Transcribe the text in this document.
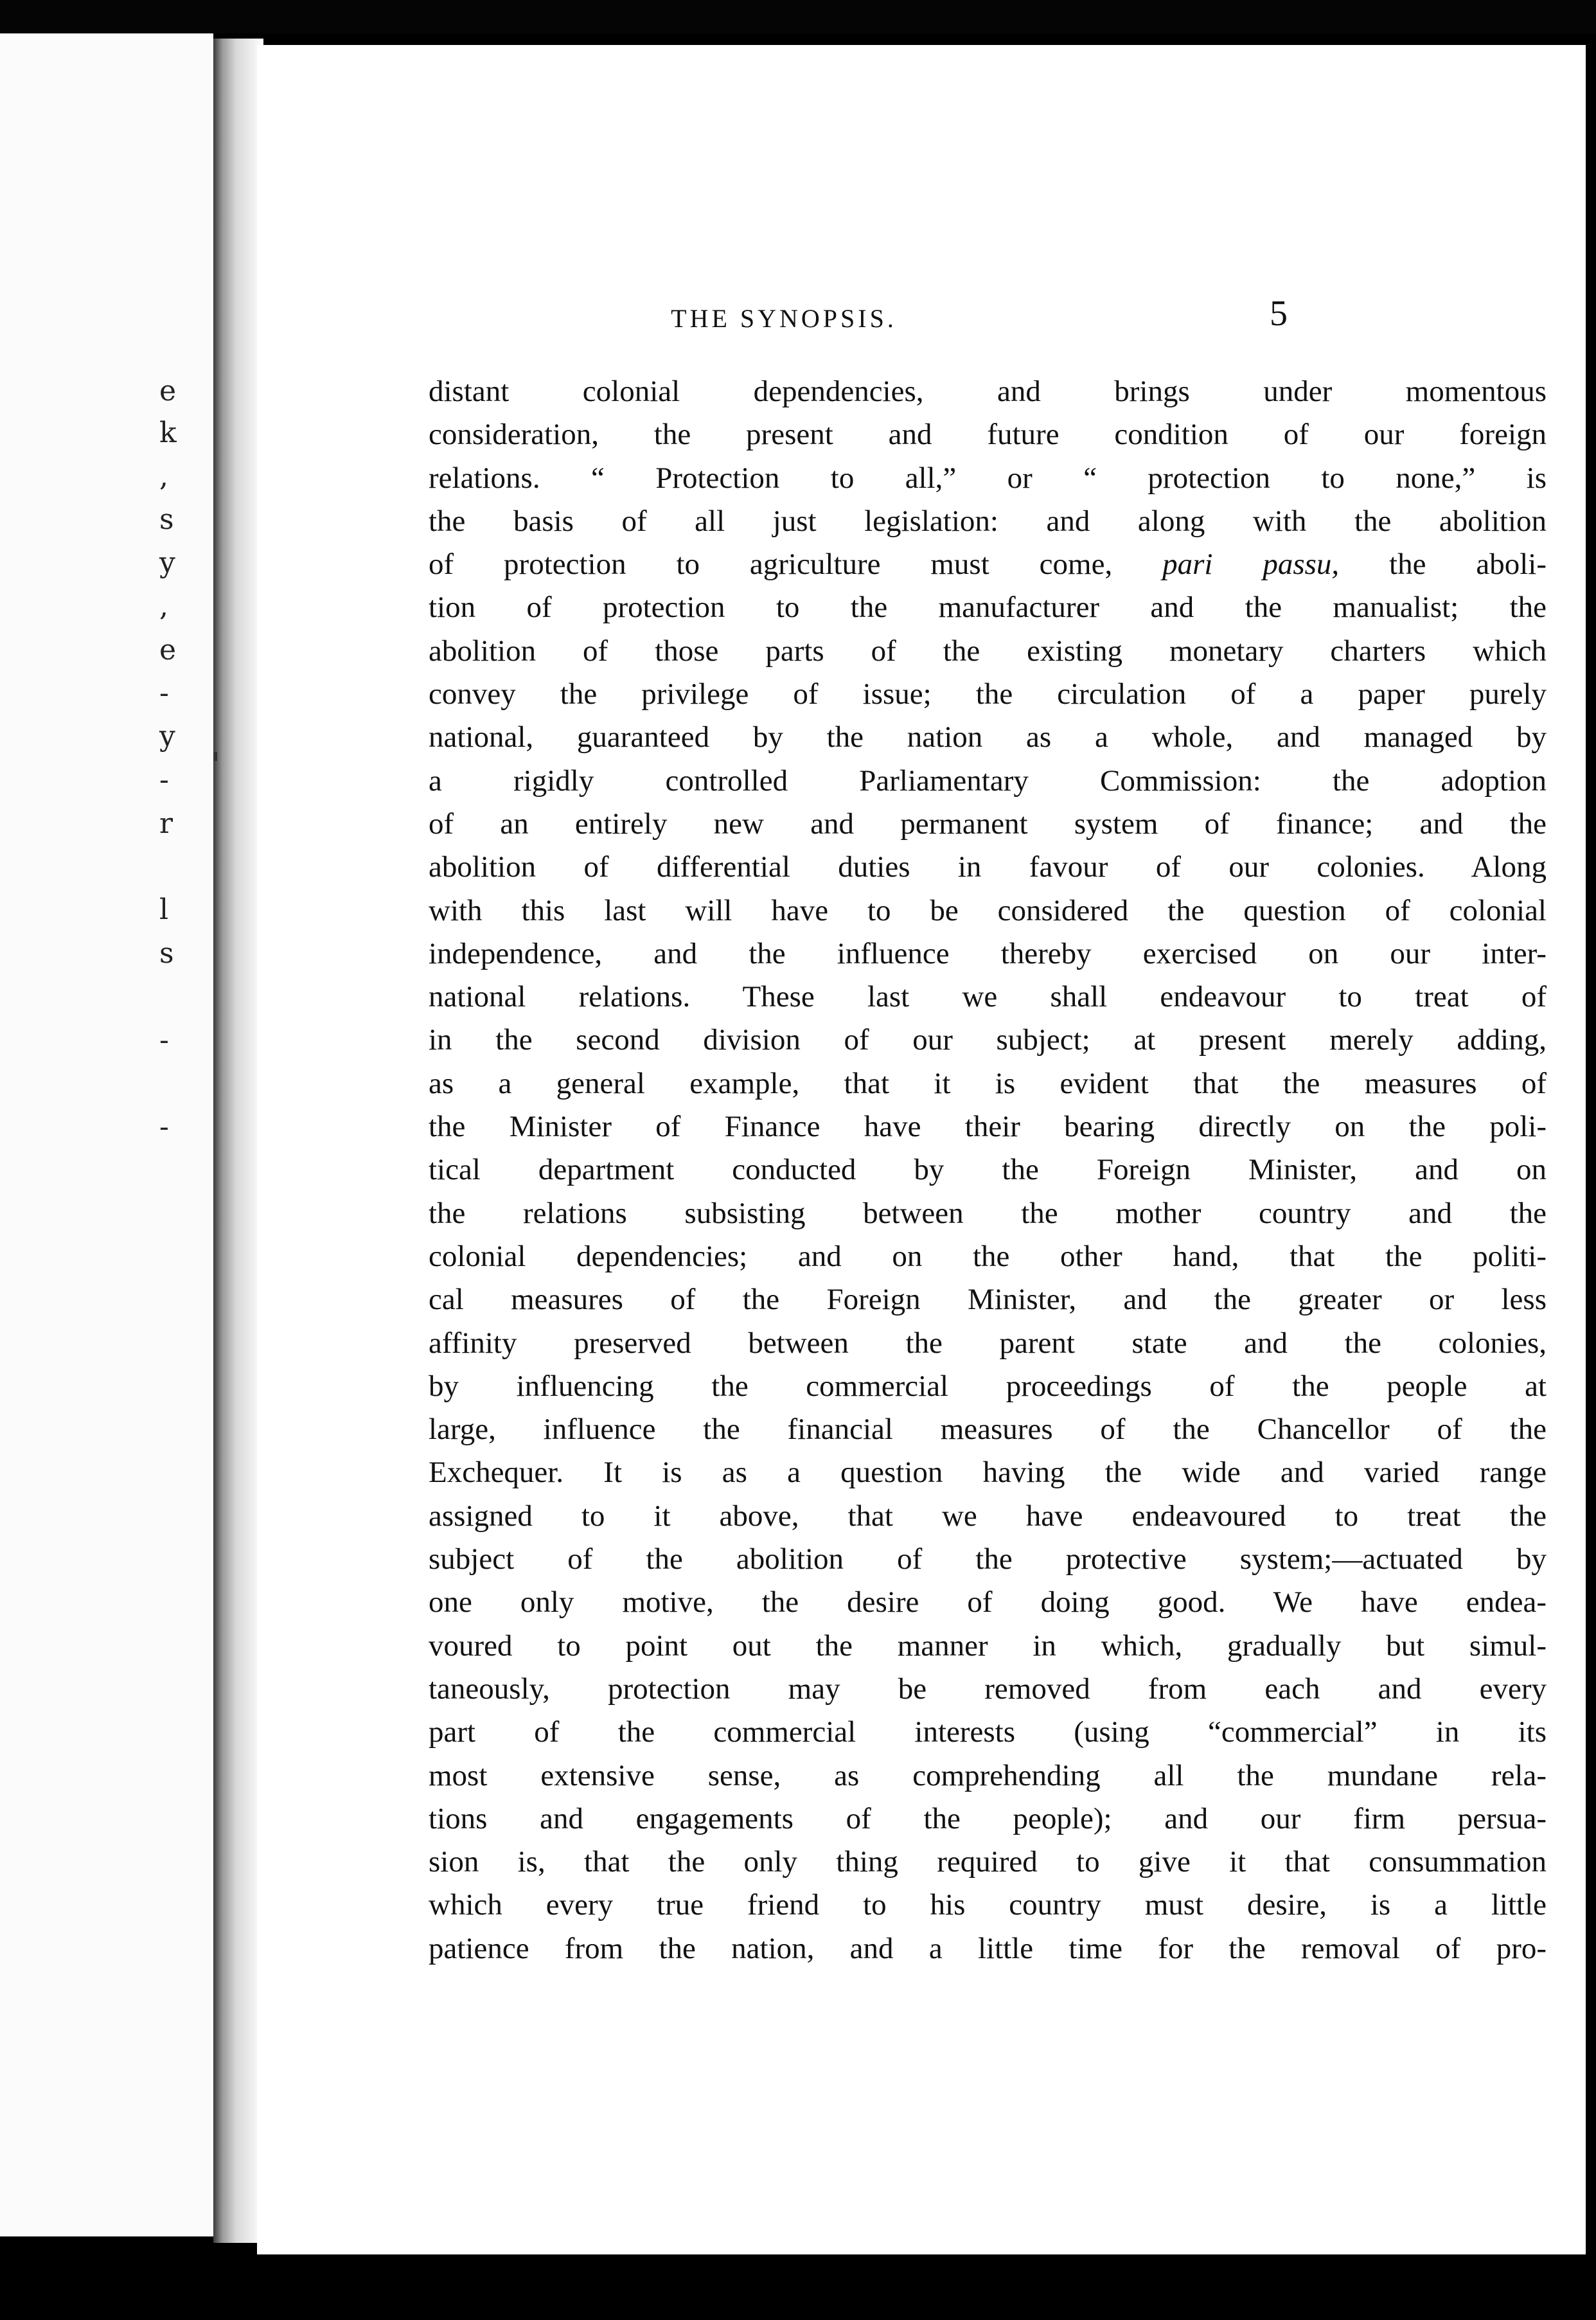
e
k
,
s
y
,
e
-
y
-
r
l
s
-
-
THE SYNOPSIS.	5
distant colonial dependencies, and brings under momentous
consideration, the present and future condition of our foreign
relations. “ Protection to all,” or “ protection to none,” is
the basis of all just legislation: and along with the abolition
of protection to agriculture must come, pari passu, the aboli-
tion of protection to the manufacturer and the manualist; the
abolition of those parts of the existing monetary charters which
convey the privilege of issue; the circulation of a paper purely
national, guaranteed by the nation as a whole, and managed by
a rigidly controlled Parliamentary Commission: the adoption
of an entirely new and permanent system of finance; and the
abolition of differential duties in favour of our colonies. Along
with this last will have to be considered the question of colonial
independence, and the influence thereby exercised on our inter-
national relations. These last we shall endeavour to treat of
in the second division of our subject; at present merely adding,
as a general example, that it is evident that the measures of
the Minister of Finance have their bearing directly on the poli-
tical department conducted by the Foreign Minister, and on
the relations subsisting between the mother country and the
colonial dependencies; and on the other hand, that the politi-
cal measures of the Foreign Minister, and the greater or less
affinity preserved between the parent state and the colonies,
by influencing the commercial proceedings of the people at
large, influence the financial measures of the Chancellor of the
Exchequer. It is as a question having the wide and varied range
assigned to it above, that we have endeavoured to treat the
subject of the abolition of the protective system;—actuated by
one only motive, the desire of doing good. We have endea-
voured to point out the manner in which, gradually but simul-
taneously, protection may be removed from each and every
part of the commercial interests (using “commercial” in its
most extensive sense, as comprehending all the mundane rela-
tions and engagements of the people); and our firm persua-
sion is, that the only thing required to give it that consummation
which every true friend to his country must desire, is a little
patience from the nation, and a little time for the removal of pro-
